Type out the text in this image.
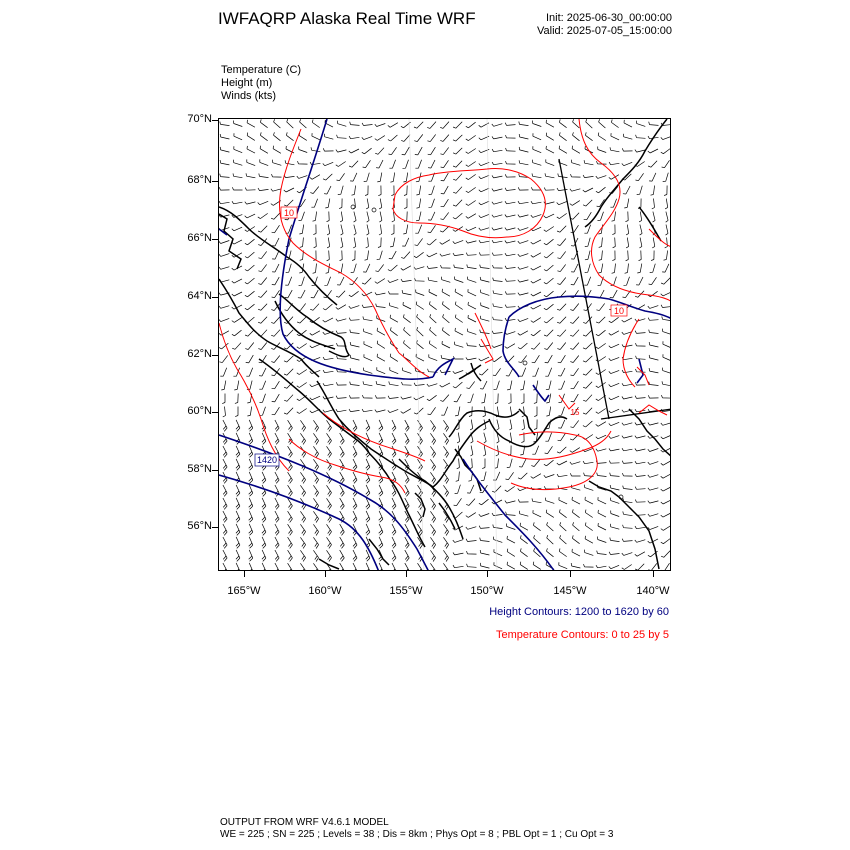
IWFAQRP Alaska Real Time WRF	Init: 2025-06-30_00:00:00
Valid: 2025-07-05_15:00:00
Temperature (C)
Height (m)
Winds (kts)
70°N
68°N
66°N
64°N
62°N
60°N
58°N
56°N
165°W	160°W	155°W	150°W	145°W	140°W
10
10
1420
15
Height Contours: 1200 to 1620 by 60
Temperature Contours: 0 to 25 by 5
OUTPUT FROM WRF V4.6.1 MODEL
WE = 225 ; SN = 225 ; Levels = 38 ; Dis = 8km ; Phys Opt = 8 ; PBL Opt = 1 ; Cu Opt = 3
